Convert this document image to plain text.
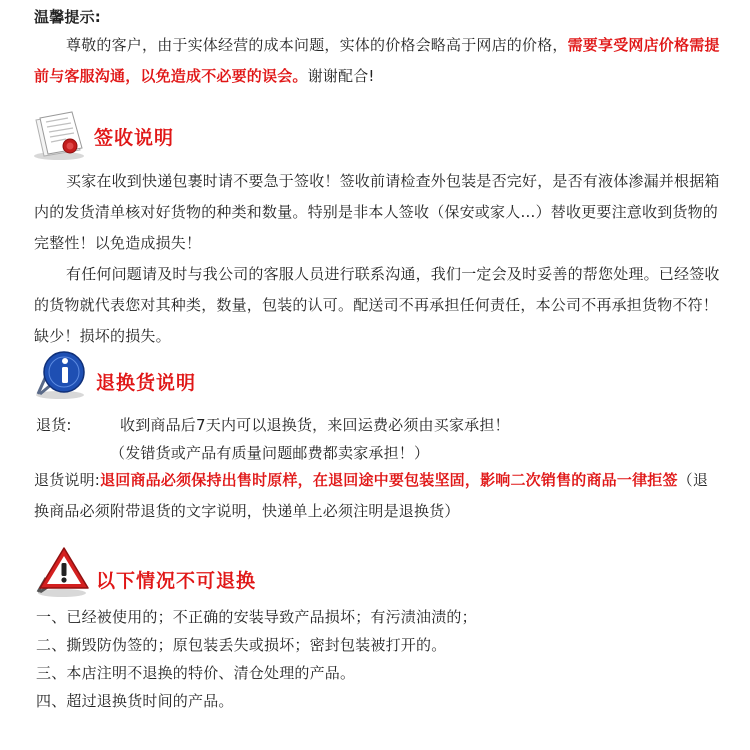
温馨提示:

尊敬的客户，由于实体经营的成本问题，实体的价格会略高于网店的价格，需要享受网店价格需提前与客服沟通，以免造成不必要的误会。谢谢配合!

签收说明

买家在收到快递包裹时请不要急于签收！签收前请检查外包装是否完好，是否有液体渗漏并根据箱内的发货清单核对好货物的种类和数量。特别是非本人签收（保安或家人…）替收更要注意收到货物的完整性！以免造成损失！

有任何问题请及时与我公司的客服人员进行联系沟通，我们一定会及时妥善的帮您处理。已经签收的货物就代表您对其种类，数量，包装的认可。配送司不再承担任何责任，本公司不再承担货物不符！缺少！损坏的损失。

退换货说明
退货:	收到商品后7天内可以退换货，来回运费必须由买家承担！
（发错货或产品有质量问题邮费都卖家承担！）

退货说明:退回商品必须保持出售时原样，在退回途中要包装坚固，影响二次销售的商品一律拒签（退换商品必须附带退货的文字说明，快递单上必须注明是退换货）

以下情况不可退换
一、已经被使用的；不正确的安装导致产品损坏；有污渍油渍的；
二、撕毁防伪签的；原包装丢失或损坏；密封包装被打开的。
三、本店注明不退换的特价、清仓处理的产品。
四、超过退换货时间的产品。
